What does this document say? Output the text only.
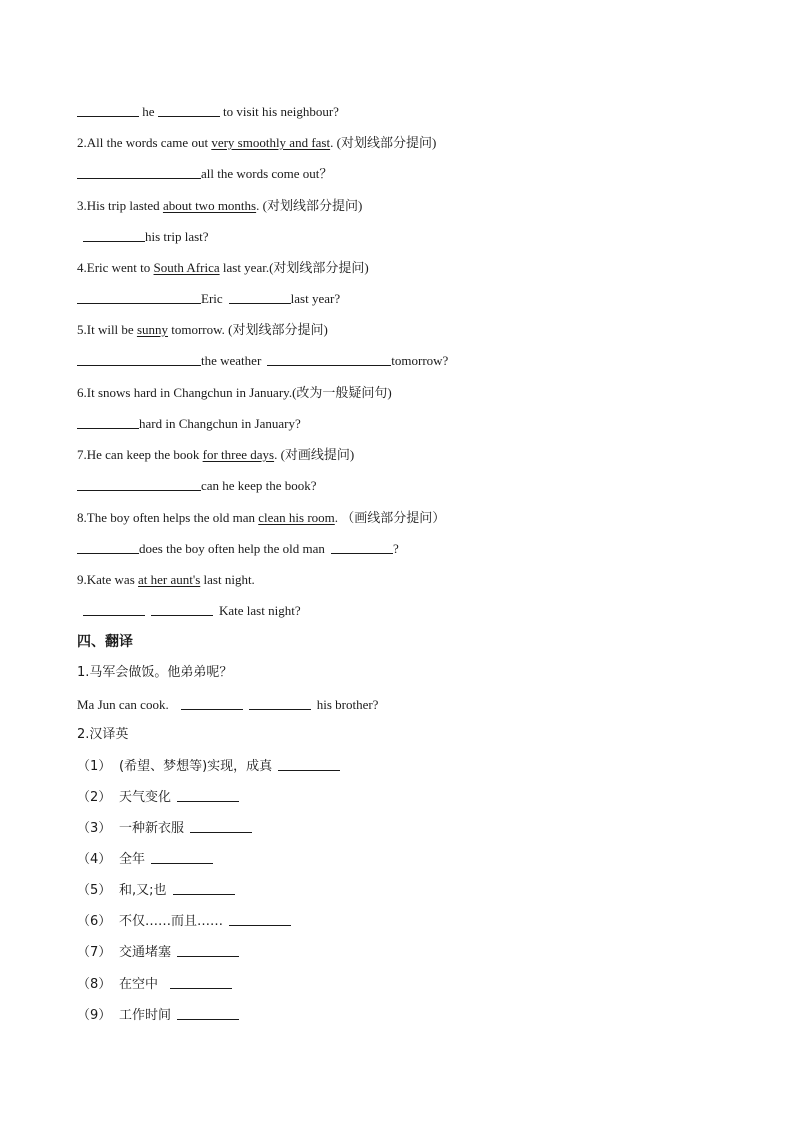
he	to visit his neighbour?
2.All the words came out very smoothly and fast. (对划线部分提问)
all the words come out？
3.His trip lasted about two months. (对划线部分提问)
his trip last?
4.Eric went to South Africa last year.(对划线部分提问)
Eric	last year?
5.It will be sunny tomorrow. (对划线部分提问)
the weather	tomorrow?
6.It snows hard in Changchun in January.(改为一般疑问句)
hard in Changchun in January?
7.He can keep the book for three days. (对画线提问)
can he keep the book?
8.The boy often helps the old man clean his room. （画线部分提问）
does the boy often help the old man	?
9.Kate was at her aunt's last night.
Kate last night?
四、翻译
1.马军会做饭。他弟弟呢？
Ma Jun can cook.	his brother?
2.汉译英
（1） (希望、梦想等)实现，成真
（2） 天气变化
（3） 一种新衣服
（4） 全年
（5） 和,又;也
（6） 不仅……而且……
（7） 交通堵塞
（8） 在空中
（9） 工作时间
